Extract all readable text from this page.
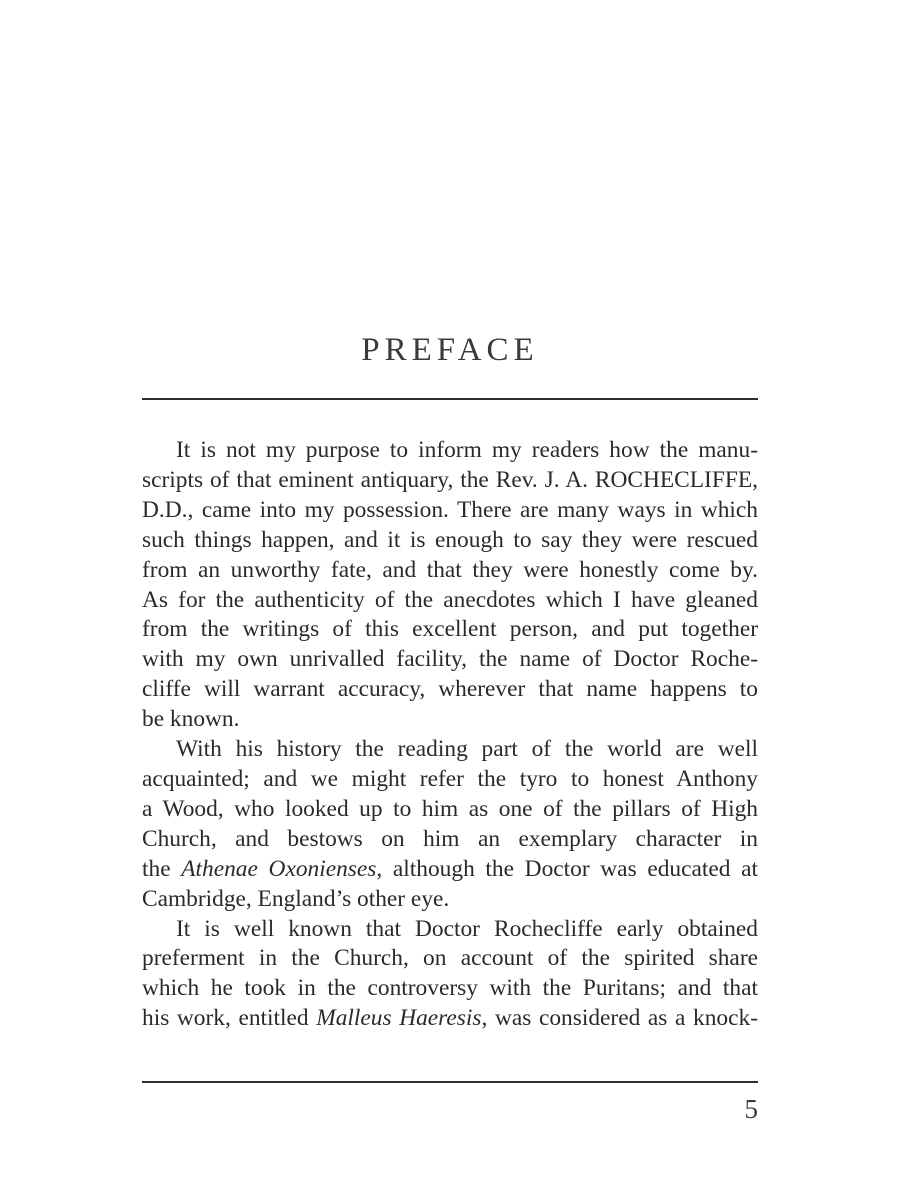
PREFACE

It is not my purpose to inform my readers how the manu-
scripts of that eminent antiquary, the Rev. J. A. ROCHECLIFFE,
D.D., came into my possession. There are many ways in which
such things happen, and it is enough to say they were rescued
from an unworthy fate, and that they were honestly come by.
As for the authenticity of the anecdotes which I have gleaned
from the writings of this excellent person, and put together
with my own unrivalled facility, the name of Doctor Roche-
cliffe will warrant accuracy, wherever that name happens to
be known.

With his history the reading part of the world are well
acquainted; and we might refer the tyro to honest Anthony
a Wood, who looked up to him as one of the pillars of High
Church, and bestows on him an exemplary character in
the Athenae Oxonienses, although the Doctor was educated at
Cambridge, England’s other eye.

It is well known that Doctor Rochecliffe early obtained
preferment in the Church, on account of the spirited share
which he took in the controversy with the Puritans; and that
his work, entitled Malleus Haeresis, was considered as a knock-

5
